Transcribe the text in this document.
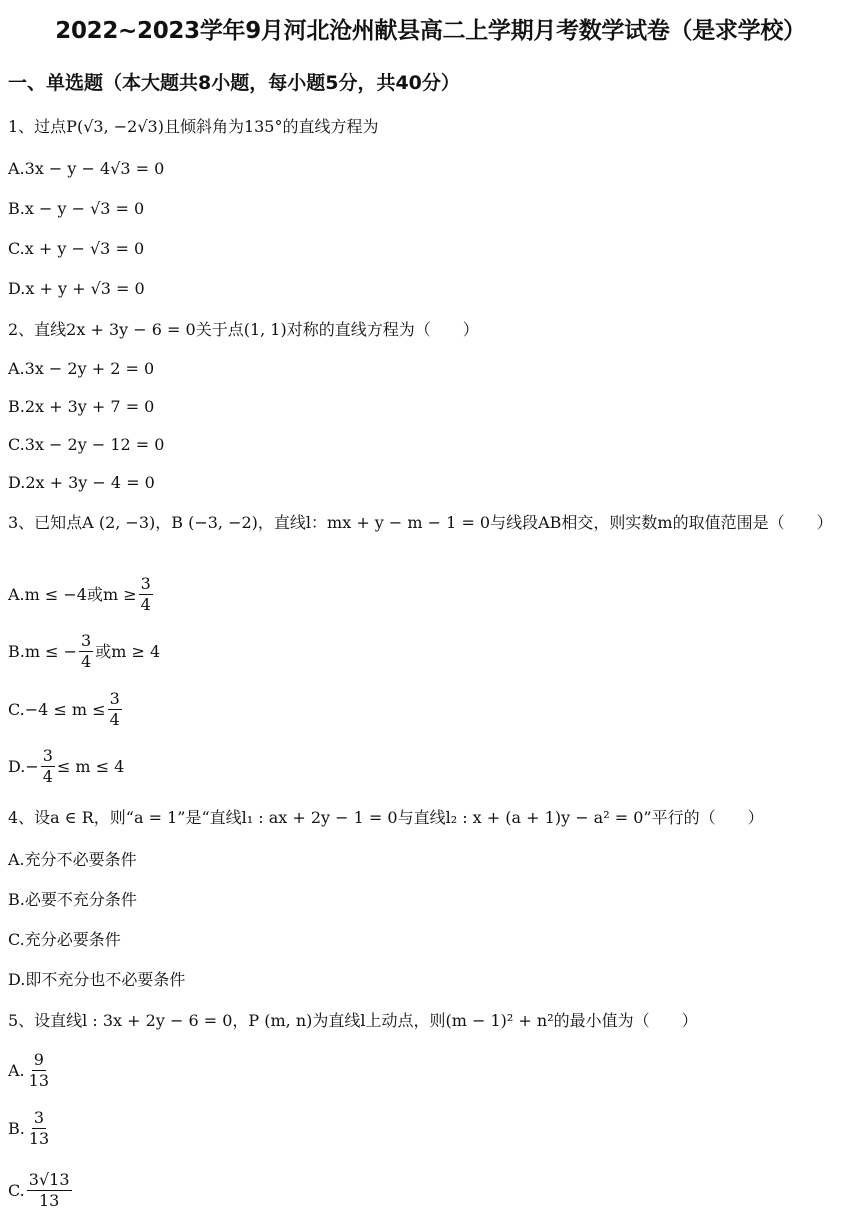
2022~2023学年9月河北沧州献县高二上学期月考数学试卷（是求学校）
一、单选题（本大题共8小题，每小题5分，共40分）
1、过点P(√3, −2√3)且倾斜角为135°的直线方程为
A.3x − y − 4√3 = 0
B.x − y − √3 = 0
C.x + y − √3 = 0
D.x + y + √3 = 0
2、直线2x + 3y − 6 = 0关于点(1, 1)对称的直线方程为（　　）
A.3x − 2y + 2 = 0
B.2x + 3y + 7 = 0
C.3x − 2y − 12 = 0
D.2x + 3y − 4 = 0
3、已知点A (2, −3)，B (−3, −2)，直线l：mx + y − m − 1 = 0与线段AB相交，则实数m的取值范围是（　　）
A. m ≤ −4或$m \ge \frac{3}{4}$
B. m ≤ − $\frac{3}{4}$ 或m ≥ 4
C. $-4 \le m \le \frac{3}{4}$
D. − $\frac{3}{4} \le m \le 4$
4、设a ∈ R，则“a = 1”是“直线l₁ : ax + 2y − 1 = 0与直线l₂ : x + (a + 1)y − a² = 0”平行的（　　）
A.充分不必要条件
B.必要不充分条件
C.充分必要条件
D.即不充分也不必要条件
5、设直线l : 3x + 2y − 6 = 0，P (m, n)为直线l上动点，则(m − 1)² + n²的最小值为（　　）
A. $\frac{9}{13}$
B. $\frac{3}{13}$
C. $\frac{3√13}{13}$
